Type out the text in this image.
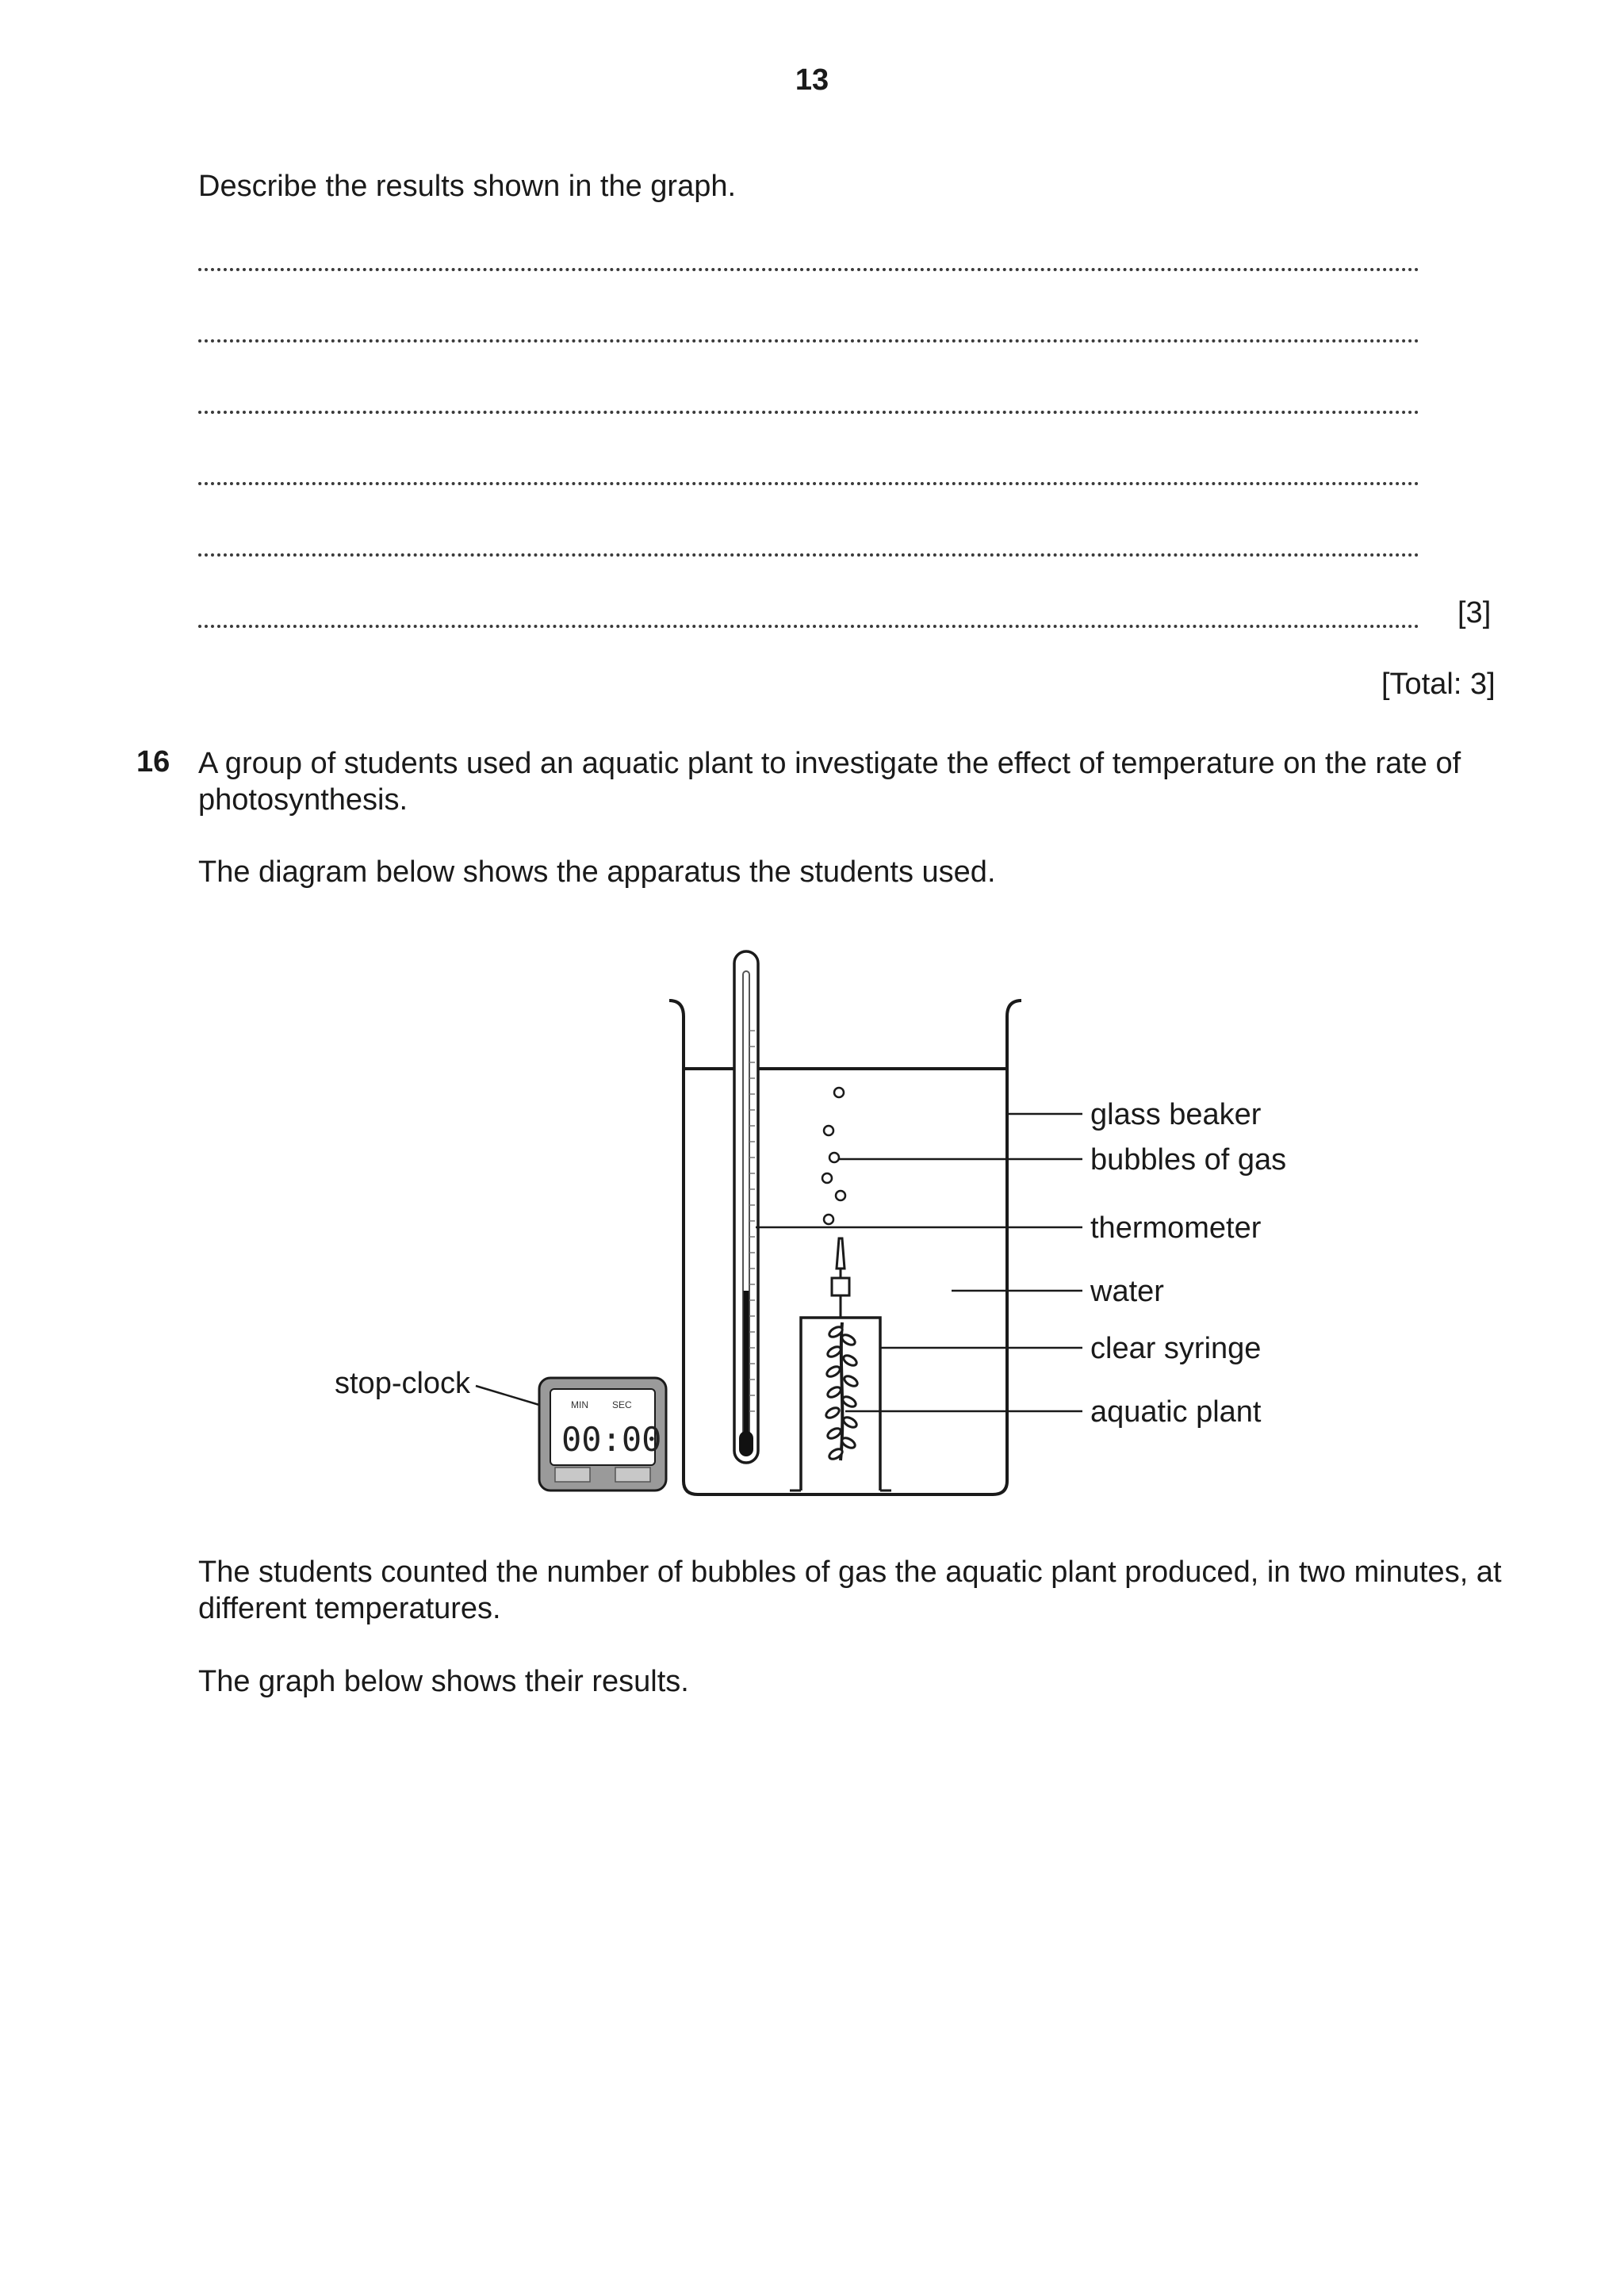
13
Describe the results shown in the graph.
[3]
[Total: 3]
16 A group of students used an aquatic plant to investigate the effect of temperature on the rate of
photosynthesis.
The diagram below shows the apparatus the students used.
MIN	SEC
00:00
glass beaker
bubbles of gas
thermometer
water
clear syringe
aquatic plant
stop-clock
The students counted the number of bubbles of gas the aquatic plant produced, in two minutes, at
different temperatures.
The graph below shows their results.
